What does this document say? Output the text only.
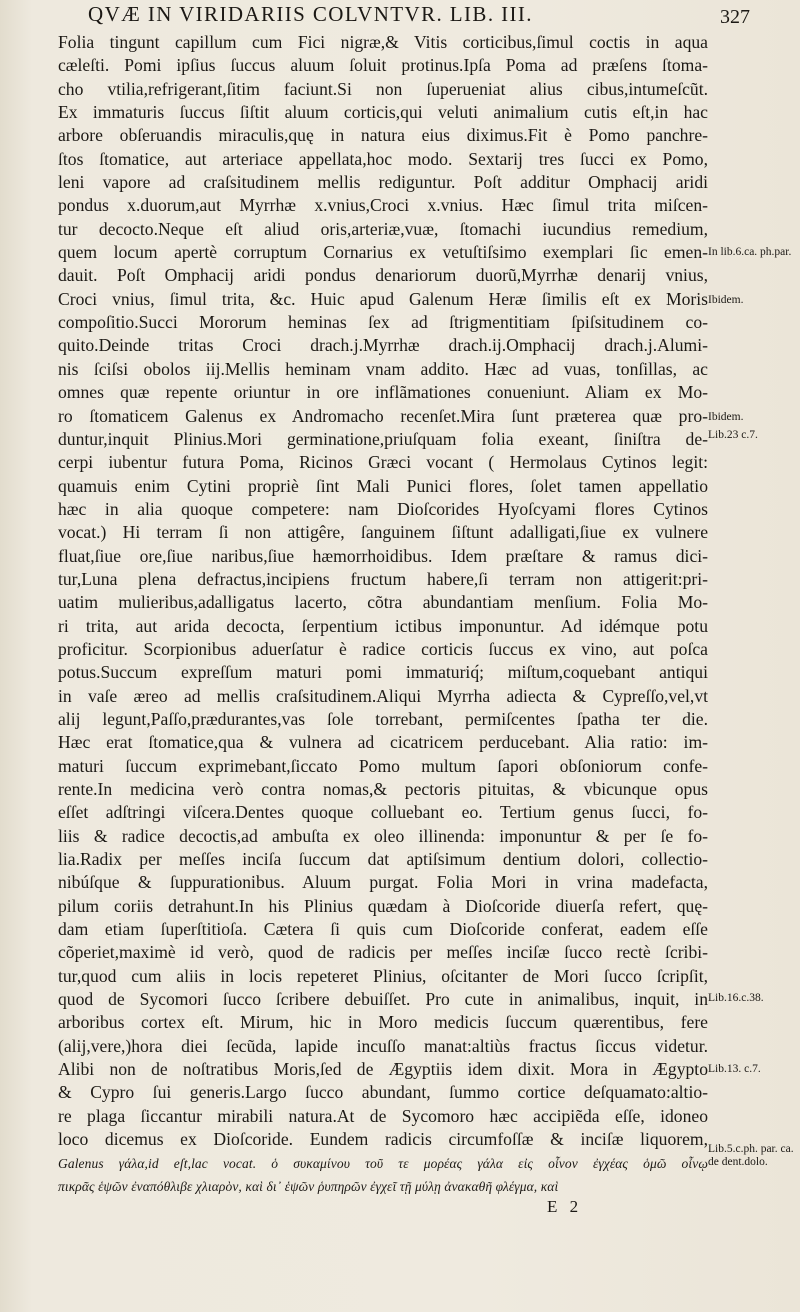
QVÆ IN VIRIDARIIS COLVNTVR. LIB. III.	327
Folia tingunt capillum cum Fici nigræ,& Vitis corticibus,ſimul coctis in aqua
cæleſti. Pomi ipſius ſuccus aluum ſoluit protinus.Ipſa Poma ad præſens ſtoma-
cho vtilia,refrigerant,ſitim faciunt.Si non ſuperueniat alius cibus,intumeſcũt.
Ex immaturis ſuccus ſiſtit aluum corticis,qui veluti animalium cutis eſt,in hac
arbore obſeruandis miraculis,quę in natura eius diximus.Fit è Pomo panchre-
ſtos ſtomatice, aut arteriace appellata,hoc modo. Sextarij tres ſucci ex Pomo,
leni vapore ad craſsitudinem mellis rediguntur. Poſt additur Omphacij aridi
pondus x.duorum,aut Myrrhæ x.vnius,Croci x.vnius. Hæc ſimul trita miſcen-
tur decocto.Neque eſt aliud oris,arteriæ,vuæ, ſtomachi iucundius remedium,
quem locum apertè corruptum Cornarius ex vetuſtiſsimo exemplari ſic emen-
dauit. Poſt Omphacij aridi pondus denariorum duorũ,Myrrhæ denarij vnius,
Croci vnius, ſimul trita, &c. Huic apud Galenum Heræ ſimilis eſt ex Moris
compoſitio.Succi Mororum heminas ſex ad ſtrigmentitiam ſpiſsitudinem co-
quito.Deinde tritas Croci drach.j.Myrrhæ drach.ij.Omphacij drach.j.Alumi-
nis ſciſsi obolos iij.Mellis heminam vnam addito. Hæc ad vuas, tonſillas, ac
omnes quæ repente oriuntur in ore inflãmationes conueniunt. Aliam ex Mo-
ro ſtomaticem Galenus ex Andromacho recenſet.Mira ſunt præterea quæ pro-
duntur,inquit Plinius.Mori germinatione,priuſquam folia exeant, ſiniſtra de-
cerpi iubentur futura Poma, Ricinos Græci vocant ( Hermolaus Cytinos legit:
quamuis enim Cytini propriè ſint Mali Punici flores, ſolet tamen appellatio
hæc in alia quoque competere: nam Dioſcorides Hyoſcyami flores Cytinos
vocat.) Hi terram ſi non attigêre, ſanguinem ſiſtunt adalligati,ſiue ex vulnere
fluat,ſiue ore,ſiue naribus,ſiue hæmorrhoidibus. Idem præſtare & ramus dici-
tur,Luna plena defractus,incipiens fructum habere,ſi terram non attigerit:pri-
uatim mulieribus,adalligatus lacerto, cõtra abundantiam menſium. Folia Mo-
ri trita, aut arida decocta, ſerpentium ictibus imponuntur. Ad idémque potu
proficitur. Scorpionibus aduerſatur è radice corticis ſuccus ex vino, aut poſca
potus.Succum expreſſum maturi pomi immaturiq́; miſtum,coquebant antiqui
in vaſe æreo ad mellis craſsitudinem.Aliqui Myrrha adiecta & Cypreſſo,vel,vt
alij legunt,Paſſo,prædurantes,vas ſole torrebant, permiſcentes ſpatha ter die.
Hæc erat ſtomatice,qua & vulnera ad cicatricem perducebant. Alia ratio: im-
maturi ſuccum exprimebant,ſiccato Pomo multum ſapori obſoniorum confe-
rente.In medicina verò contra nomas,& pectoris pituitas, & vbicunque opus
eſſet adſtringi viſcera.Dentes quoque colluebant eo. Tertium genus ſucci, fo-
liis & radice decoctis,ad ambuſta ex oleo illinenda: imponuntur & per ſe fo-
lia.Radix per meſſes inciſa ſuccum dat aptiſsimum dentium dolori, collectio-
nibúſque & ſuppurationibus. Aluum purgat. Folia Mori in vrina madefacta,
pilum coriis detrahunt.In his Plinius quædam à Dioſcoride diuerſa refert, quę-
dam etiam ſuperſtitioſa. Cætera ſi quis cum Dioſcoride conferat, eadem eſſe
cõperiet,maximè id verò, quod de radicis per meſſes inciſæ ſucco rectè ſcribi-
tur,quod cum aliis in locis repeteret Plinius, oſcitanter de Mori ſucco ſcripſit,
quod de Sycomori ſucco ſcribere debuiſſet. Pro cute in animalibus, inquit, in
arboribus cortex eſt. Mirum, hic in Moro medicis ſuccum quærentibus, fere
(alij,vere,)hora diei ſecũda, lapide incuſſo manat:altiùs fractus ſiccus videtur.
Alibi non de noſtratibus Moris,ſed de Ægyptiis idem dixit. Mora in Ægypto
& Cypro ſui generis.Largo ſucco abundant, ſummo cortice deſquamato:altio-
re plaga ſiccantur mirabili natura.At de Sycomoro hæc accipiẽda eſſe, idoneo
loco dicemus ex Dioſcoride. Eundem radicis circumfoſſæ & inciſæ liquorem,
Galenus γάλα,id eſt,lac vocat. ὁ συκαμίνου τοῦ τε μορέας γάλα εἰς οἶνον ἐγχέας ὁμῶ οἶνῳ
πικρᾶς ἑψῶν ἐναπόθλιβε χλιαρὸν, καὶ δι᾽ ἑψῶν ῥυπηρῶν ἐγχεῖ τῇ μύλῃ ἀνακαθῆ φλέγμα, καὶ
In lib.6.ca. ph.par.
Ibidem.
Ibidem.
Lib.23 c.7.
Lib.16.c.38.
Lib.13. c.7.
Lib.5.c.ph. par. ca. de dent.dolo.
E 2
